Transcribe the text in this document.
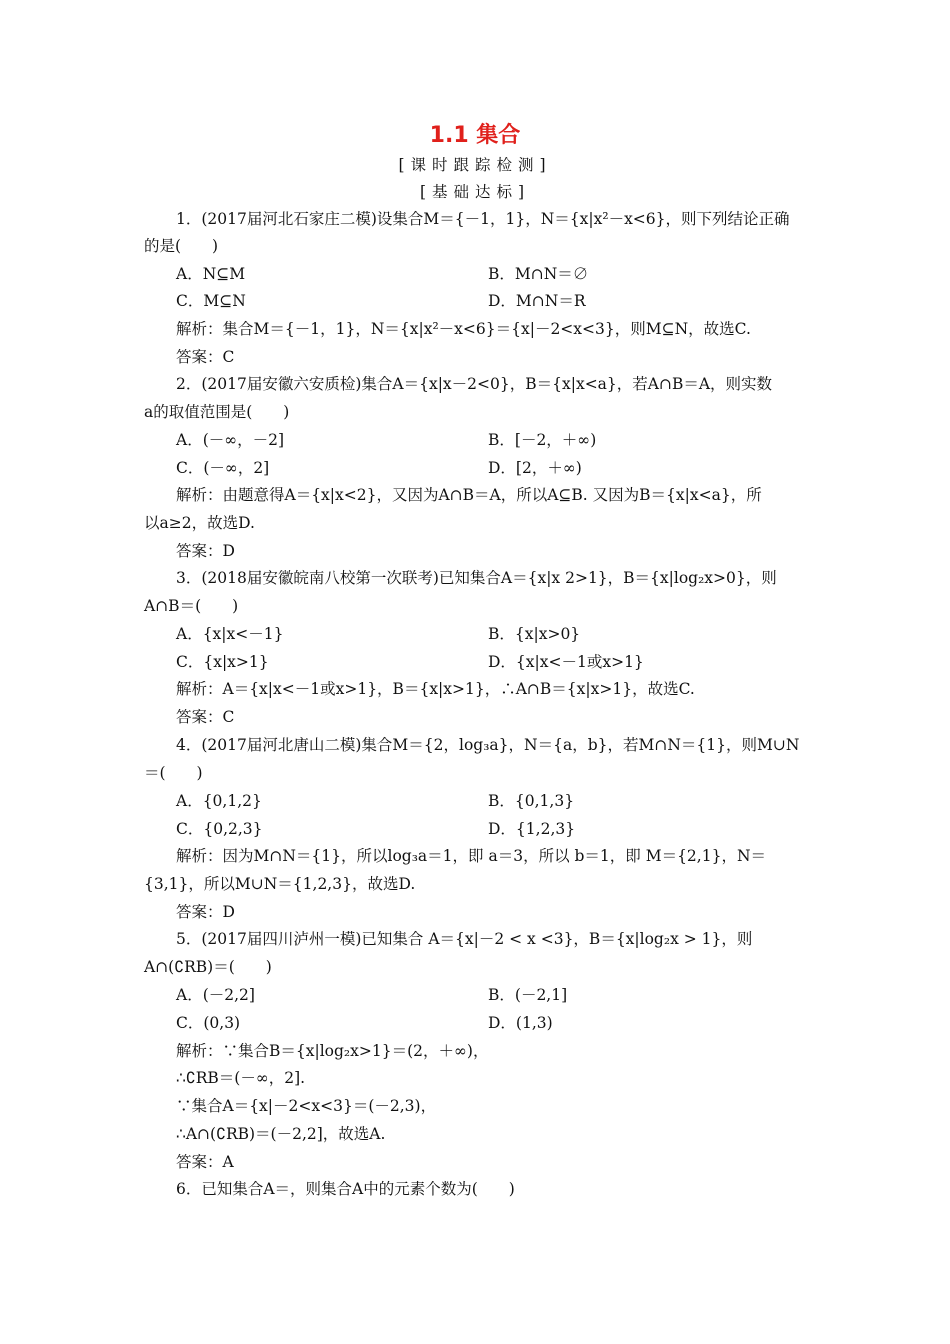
1.1 集合
[课时跟踪检测]
[基础达标]
1．(2017届河北石家庄二模)设集合M＝{－1，1}，N＝{x|x²－x<6}，则下列结论正确
的是(　　)
A．N⊆M	B．M∩N＝∅
C．M⊆N	D．M∩N＝R
解析：集合M＝{－1，1}，N＝{x|x²－x<6}＝{x|－2<x<3}，则M⊆N，故选C.
答案：C
2．(2017届安徽六安质检)集合A＝{x|x－2<0}，B＝{x|x<a}，若A∩B＝A，则实数
a的取值范围是(　　)
A．(－∞，－2]	B．[－2，＋∞)
C．(－∞，2]	D．[2，＋∞)
解析：由题意得A＝{x|x<2}，又因为A∩B＝A，所以A⊆B. 又因为B＝{x|x<a}，所
以a≥2，故选D.
答案：D
3．(2018届安徽皖南八校第一次联考)已知集合A＝{x|x 2>1}，B＝{x|log₂x>0}，则
A∩B＝(　　)
A．{x|x<－1}	B．{x|x>0}
C．{x|x>1}	D．{x|x<－1或x>1}
解析：A＝{x|x<－1或x>1}，B＝{x|x>1}，∴A∩B＝{x|x>1}，故选C.
答案：C
4．(2017届河北唐山二模)集合M＝{2，log₃a}，N＝{a，b}，若M∩N＝{1}，则M∪N
＝(　　)
A．{0,1,2}	B．{0,1,3}
C．{0,2,3}	D．{1,2,3}
解析：因为M∩N＝{1}，所以log₃a＝1，即 a＝3，所以 b＝1，即 M＝{2,1}，N＝
{3,1}，所以M∪N＝{1,2,3}，故选D.
答案：D
5．(2017届四川泸州一模)已知集合 A＝{x|－2 < x <3}，B＝{x|log₂x > 1}，则
A∩(∁RB)＝(　　)
A．(－2,2]	B．(－2,1]
C．(0,3)	D．(1,3)
解析：∵集合B＝{x|log₂x>1}＝(2，＋∞)，
∴∁RB＝(－∞，2].
∵集合A＝{x|－2<x<3}＝(－2,3)，
∴A∩(∁RB)＝(－2,2]，故选A.
答案：A
6．已知集合A＝，则集合A中的元素个数为(　　)
